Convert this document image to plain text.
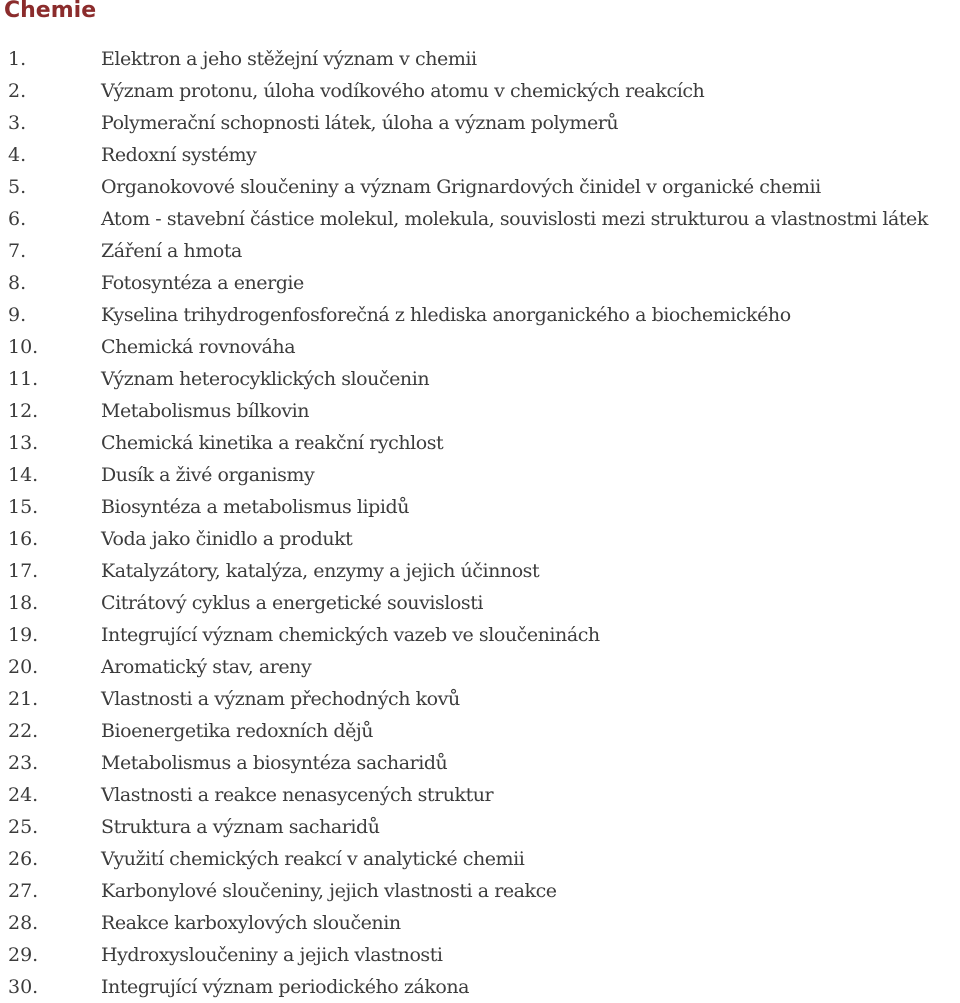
Chemie
1.	Elektron a jeho stěžejní význam v chemii
2.	Význam protonu, úloha vodíkového atomu v chemických reakcích
3.	Polymerační schopnosti látek, úloha a význam polymerů
4.	Redoxní systémy
5.	Organokovové sloučeniny a význam Grignardových činidel v organické chemii
6.	Atom - stavební částice molekul, molekula, souvislosti mezi strukturou a vlastnostmi látek
7.	Záření a hmota
8.	Fotosyntéza a energie
9.	Kyselina trihydrogenfosforečná z hlediska anorganického a biochemického
10.	Chemická rovnováha
11.	Význam heterocyklických sloučenin
12.	Metabolismus bílkovin
13.	Chemická kinetika a reakční rychlost
14.	Dusík a živé organismy
15.	Biosyntéza a metabolismus lipidů
16.	Voda jako činidlo a produkt
17.	Katalyzátory, katalýza, enzymy a jejich účinnost
18.	Citrátový cyklus a energetické souvislosti
19.	Integrující význam chemických vazeb ve sloučeninách
20.	Aromatický stav, areny
21.	Vlastnosti a význam přechodných kovů
22.	Bioenergetika redoxních dějů
23.	Metabolismus a biosyntéza sacharidů
24.	Vlastnosti a reakce nenasycených struktur
25.	Struktura a význam sacharidů
26.	Využití chemických reakcí v analytické chemii
27.	Karbonylové sloučeniny, jejich vlastnosti a reakce
28.	Reakce karboxylových sloučenin
29.	Hydroxysloučeniny a jejich vlastnosti
30.	Integrující význam periodického zákona
